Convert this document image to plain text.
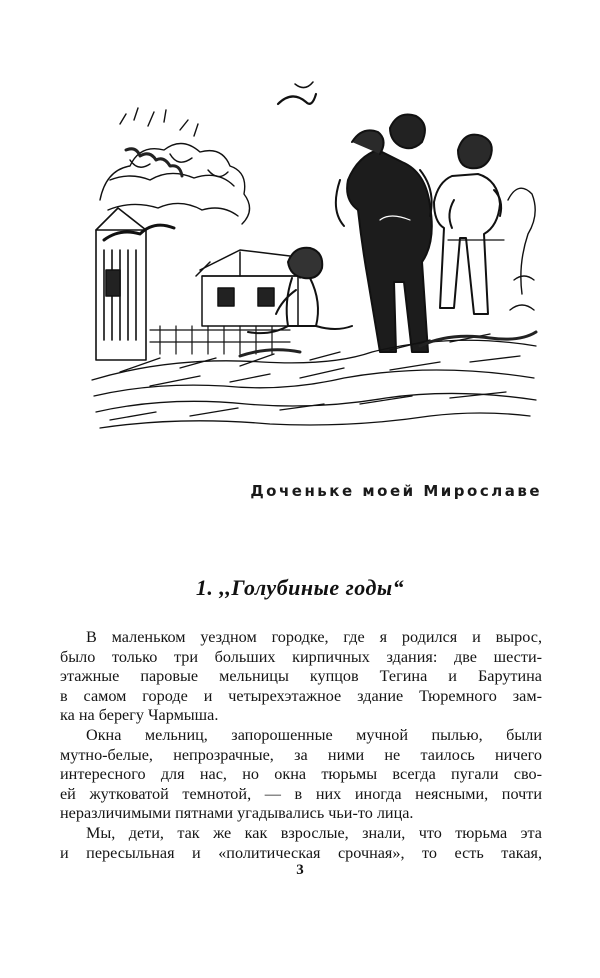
Доченьке моей Мирославе
1. ,,Голубиные годы“
В маленьком уездном городке, где я родился и вырос,
было только три больших кирпичных здания: две шести-
этажные паровые мельницы купцов Тегина и Барутина
в самом городе и четырехэтажное здание Тюремного зам-
ка на берегу Чармыша.
Окна мельниц, запорошенные мучной пылью, были
мутно-белые, непрозрачные, за ними не таилось ничего
интересного для нас, но окна тюрьмы всегда пугали сво-
ей жутковатой темнотой, — в них иногда неясными, почти
неразличимыми пятнами угадывались чьи-то лица.
Мы, дети, так же как взрослые, знали, что тюрьма эта
и пересыльная и «политическая срочная», то есть такая,
3
